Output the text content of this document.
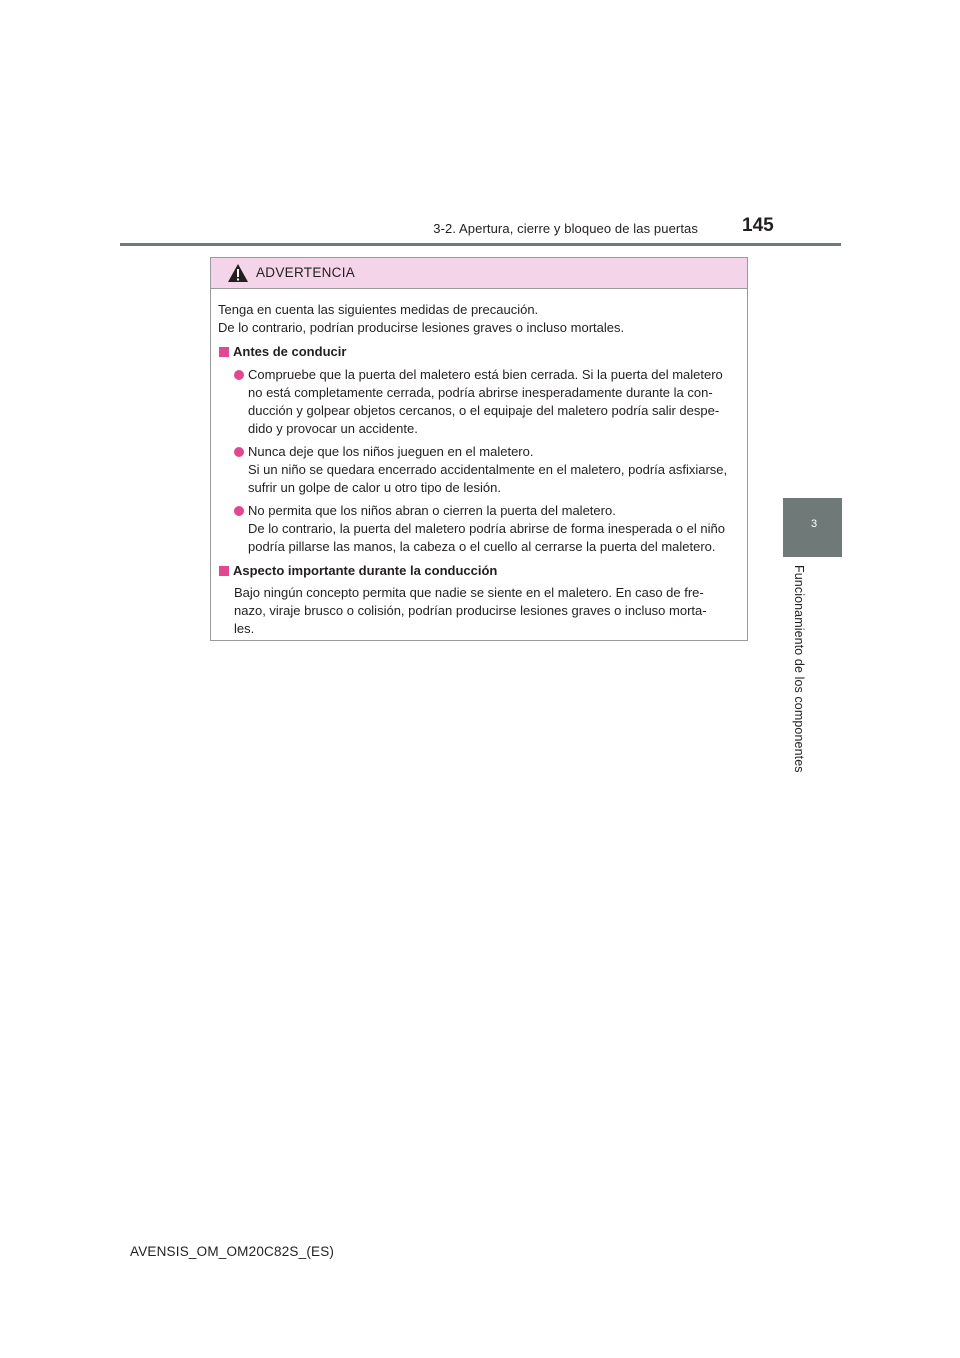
3-2. Apertura, cierre y bloqueo de las puertas 145
3
Funcionamiento de los componentes
ADVERTENCIA
Tenga en cuenta las siguientes medidas de precaución.
De lo contrario, podrían producirse lesiones graves o incluso mortales.
Antes de conducir
Compruebe que la puerta del maletero está bien cerrada. Si la puerta del maletero
no está completamente cerrada, podría abrirse inesperadamente durante la con-
ducción y golpear objetos cercanos, o el equipaje del maletero podría salir despe-
dido y provocar un accidente.
Nunca deje que los niños jueguen en el maletero.
Si un niño se quedara encerrado accidentalmente en el maletero, podría asfixiarse,
sufrir un golpe de calor u otro tipo de lesión.
No permita que los niños abran o cierren la puerta del maletero.
De lo contrario, la puerta del maletero podría abrirse de forma inesperada o el niño
podría pillarse las manos, la cabeza o el cuello al cerrarse la puerta del maletero.
Aspecto importante durante la conducción
Bajo ningún concepto permita que nadie se siente en el maletero. En caso de fre-
nazo, viraje brusco o colisión, podrían producirse lesiones graves o incluso morta-
les.
AVENSIS_OM_OM20C82S_(ES)
